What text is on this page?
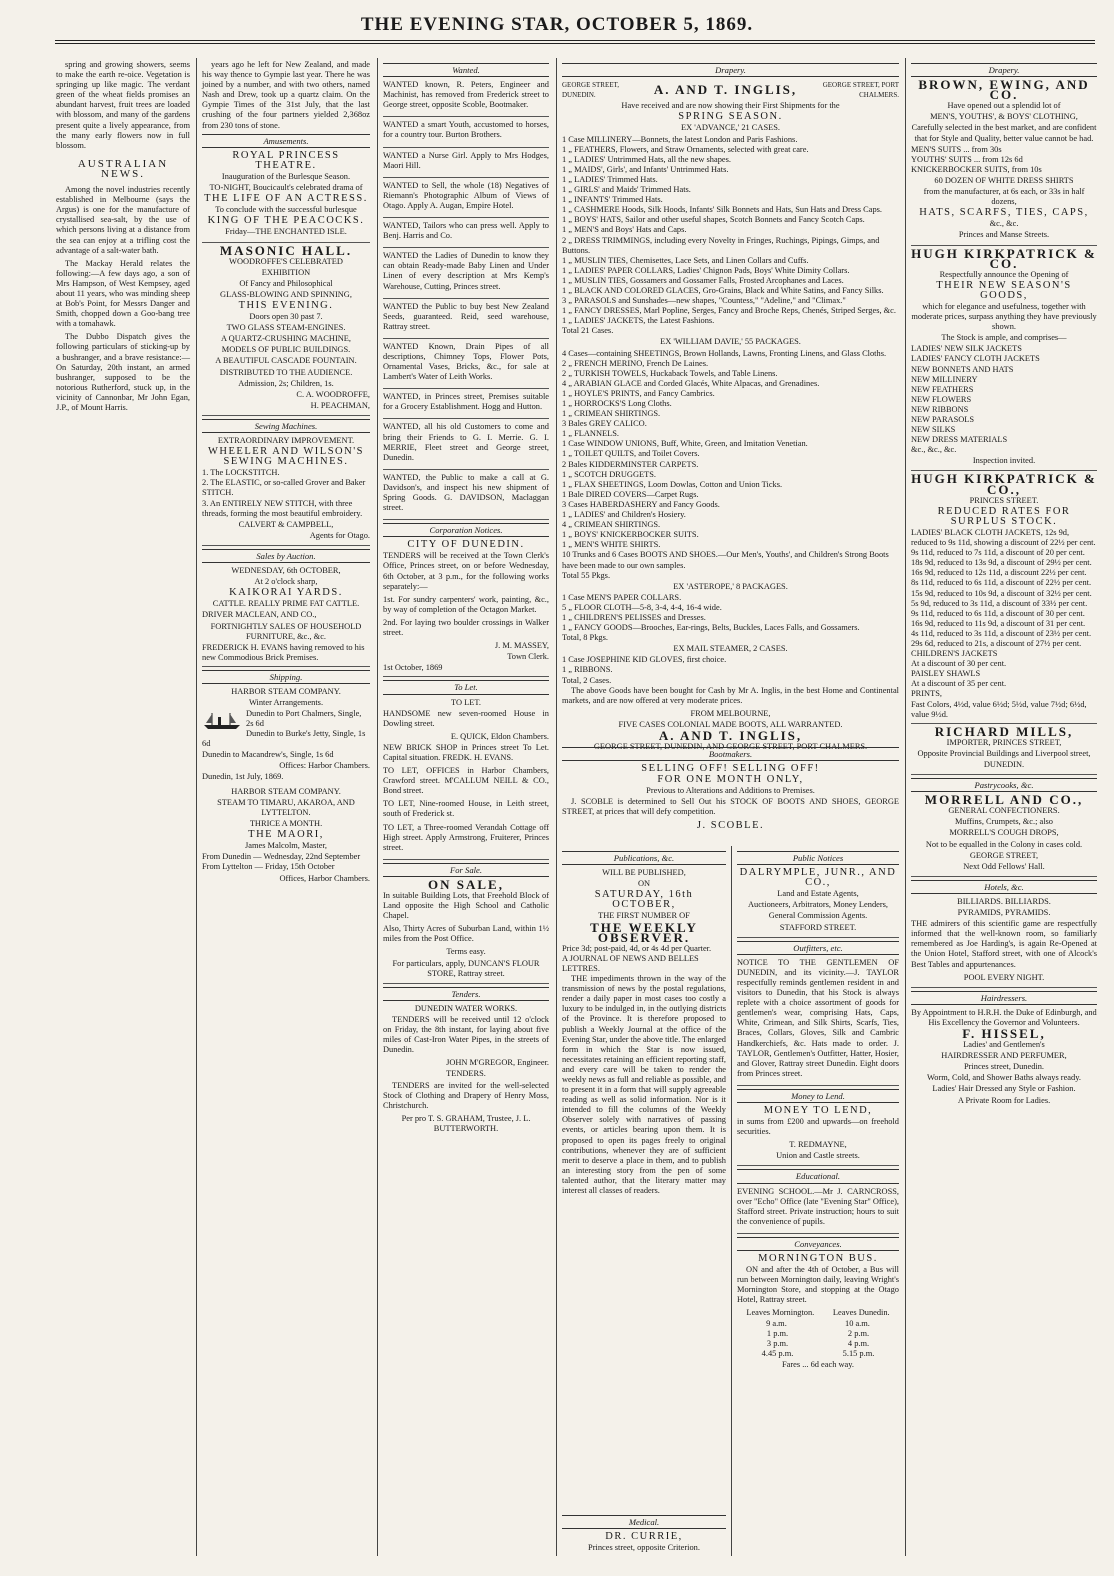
THE EVENING STAR, OCTOBER 5, 1869.

spring and growing showers, seems to make the earth re-oice. Vegetation is springing up like magic. The verdant green of the wheat fields promises an abundant harvest, fruit trees are loaded with blossom, and many of the gardens present quite a lively appearance, from the many early flowers now in full blossom.

AUSTRALIAN NEWS.

Among the novel industries recently established in Melbourne (says the Argus) is one for the manufacture of crystallised sea-salt, by the use of which persons living at a distance from the sea can enjoy at a trifling cost the advantage of a salt-water bath.

The Mackay Herald relates the following:—A few days ago, a son of Mrs Hampson, of West Kempsey, aged about 11 years, who was minding sheep at Bob's Point, for Messrs Danger and Smith, chopped down a Goo-bang tree with a tomahawk.

The Dubbo Dispatch gives the following particulars of sticking-up by a bushranger, and a brave resistance:— On Saturday, 20th instant, an armed bushranger, supposed to be the notorious Rutherford, stuck up, in the vicinity of Cannonbar, Mr John Egan, J.P., of Mount Harris.

years ago he left for New Zealand, and made his way thence to Gympie last year. There he was joined by a number, and with two others, named Nash and Drew, took up a quartz claim. On the Gympie Times of the 31st July, that the last crushing of the four partners yielded 2,368oz from 230 tons of stone.

Amusements.
ROYAL PRINCESS THEATRE.
Inauguration of the Burlesque Season.
TO-NIGHT, Boucicault's celebrated drama of
THE LIFE OF AN ACTRESS.
To conclude with the successful burlesque
KING OF THE PEACOCKS.
Friday—THE ENCHANTED ISLE.
MASONIC HALL.
WOODROFFE'S CELEBRATED
EXHIBITION
Of Fancy and Philosophical
GLASS-BLOWING AND SPINNING,
THIS EVENING.
Doors open 30 past 7.
TWO GLASS STEAM-ENGINES.
A QUARTZ-CRUSHING MACHINE,
MODELS OF PUBLIC BUILDINGS.
A BEAUTIFUL CASCADE FOUNTAIN.
DISTRIBUTED TO THE AUDIENCE.
Admission, 2s; Children, 1s.
C. A. WOODROFFE,
H. PEACHMAN,
Sewing Machines.
EXTRAORDINARY IMPROVEMENT.
WHEELER AND WILSON'S SEWING MACHINES.
1. The LOCKSTITCH.
2. The ELASTIC, or so-called Grover and Baker STITCH.
3. An ENTIRELY NEW STITCH, with three threads, forming the most beautiful embroidery.
CALVERT & CAMPBELL,
Agents for Otago.
Sales by Auction.
WEDNESDAY, 6th OCTOBER,
At 2 o'clock sharp,
KAIKORAI YARDS.
CATTLE. REALLY PRIME FAT CATTLE.
DRIVER MACLEAN, AND CO.,
FORTNIGHTLY SALES OF HOUSEHOLD FURNITURE, &c., &c.
FREDERICK H. EVANS having removed to his new Commodious Brick Premises.
Shipping.
HARBOR STEAM COMPANY.
Winter Arrangements.
Dunedin to Port Chalmers, Single, 2s 6d
Dunedin to Burke's Jetty, Single, 1s 6d
Dunedin to Macandrew's, Single, 1s 6d
Offices: Harbor Chambers.
Dunedin, 1st July, 1869.
HARBOR STEAM COMPANY.
STEAM TO TIMARU, AKAROA, AND LYTTELTON.
THRICE A MONTH.
THE MAORI,
James Malcolm, Master,
From Dunedin — Wednesday, 22nd September
From Lyttelton — Friday, 15th October
Offices, Harbor Chambers.
Wanted.

WANTED known, R. Peters, Engineer and Machinist, has removed from Frederick street to George street, opposite Scoble, Bootmaker.

WANTED a smart Youth, accustomed to horses, for a country tour. Burton Brothers.

WANTED a Nurse Girl. Apply to Mrs Hodges, Maori Hill.

WANTED to Sell, the whole (18) Negatives of Riemann's Photographic Album of Views of Otago. Apply A. Augan, Empire Hotel.

WANTED, Tailors who can press well. Apply to Benj. Harris and Co.

WANTED the Ladies of Dunedin to know they can obtain Ready-made Baby Linen and Under Linen of every description at Mrs Kemp's Warehouse, Cutting, Princes street.

WANTED the Public to buy best New Zealand Seeds, guaranteed. Reid, seed warehouse, Rattray street.

WANTED Known, Drain Pipes of all descriptions, Chimney Tops, Flower Pots, Ornamental Vases, Bricks, &c., for sale at Lambert's Water of Leith Works.

WANTED, in Princes street, Premises suitable for a Grocery Establishment. Hogg and Hutton.

WANTED, all his old Customers to come and bring their Friends to G. I. Merrie. G. I. MERRIE, Fleet street and George street, Dunedin.

WANTED, the Public to make a call at G. Davidson's, and inspect his new shipment of Spring Goods. G. DAVIDSON, Maclaggan street.

Corporation Notices.
CITY OF DUNEDIN.

TENDERS will be received at the Town Clerk's Office, Princes street, on or before Wednesday, 6th October, at 3 p.m., for the following works separately:—

1st. For sundry carpenters' work, painting, &c., by way of completion of the Octagon Market.

2nd. For laying two boulder crossings in Walker street.

J. M. MASSEY,
Town Clerk.
1st October, 1869
To Let.
TO LET.

HANDSOME new seven-roomed House in Dowling street.

E. QUICK, Eldon Chambers.

NEW BRICK SHOP in Princes street To Let. Capital situation. FREDK. H. EVANS.

TO LET, OFFICES in Harbor Chambers, Crawford street. M'CALLUM NEILL & CO., Bond street.

TO LET, Nine-roomed House, in Leith street, south of Frederick st.

TO LET, a Three-roomed Verandah Cottage off High street. Apply Armstrong, Fruiterer, Princes street.

For Sale.
ON SALE,

In suitable Building Lots, that Freehold Block of Land opposite the High School and Catholic Chapel.

Also, Thirty Acres of Suburban Land, within 1½ miles from the Post Office.

Terms easy.
For particulars, apply, DUNCAN'S FLOUR STORE, Rattray street.
Tenders.
DUNEDIN WATER WORKS.

TENDERS will be received until 12 o'clock on Friday, the 8th instant, for laying about five miles of Cast-Iron Water Pipes, in the streets of Dunedin.

JOHN M'GREGOR, Engineer.
TENDERS.

TENDERS are invited for the well-selected Stock of Clothing and Drapery of Henry Moss, Christchurch.

Per pro T. S. GRAHAM, Trustee, J. L. BUTTERWORTH.
Drapery.
GEORGE STREET, DUNEDIN.	A. AND T. INGLIS,	GEORGE STREET, PORT CHALMERS.
Have received and are now showing their First Shipments for the
SPRING SEASON.
EX 'ADVANCE,' 21 CASES.
1 Case MILLINERY—Bonnets, the latest London and Paris Fashions.
1 „ FEATHERS, Flowers, and Straw Ornaments, selected with great care.
1 „ LADIES' Untrimmed Hats, all the new shapes.
1 „ MAIDS', Girls', and Infants' Untrimmed Hats.
1 „ LADIES' Trimmed Hats.
1 „ GIRLS' and Maids' Trimmed Hats.
1 „ INFANTS' Trimmed Hats.
1 „ CASHMERE Hoods, Silk Hoods, Infants' Silk Bonnets and Hats, Sun Hats and Dress Caps.
1 „ BOYS' HATS, Sailor and other useful shapes, Scotch Bonnets and Fancy Scotch Caps.
1 „ MEN'S and Boys' Hats and Caps.
2 „ DRESS TRIMMINGS, including every Novelty in Fringes, Ruchings, Pipings, Gimps, and Buttons.
1 „ MUSLIN TIES, Chemisettes, Lace Sets, and Linen Collars and Cuffs.
1 „ LADIES' PAPER COLLARS, Ladies' Chignon Pads, Boys' White Dimity Collars.
1 „ MUSLIN TIES, Gossamers and Gossamer Falls, Frosted Arcophanes and Laces.
1 „ BLACK AND COLORED GLACES, Gro-Grains, Black and White Satins, and Fancy Silks.
3 „ PARASOLS and Sunshades—new shapes, "Countess," "Adeline," and "Climax."
1 „ FANCY DRESSES, Marl Popline, Serges, Fancy and Broche Reps, Chenés, Striped Serges, &c.
1 „ LADIES' JACKETS, the Latest Fashions.
Total 21 Cases.
EX 'WILLIAM DAVIE,' 55 PACKAGES.
4 Cases—containing SHEETINGS, Brown Hollands, Lawns, Fronting Linens, and Glass Cloths.
2 „ FRENCH MERINO, French De Laines.
2 „ TURKISH TOWELS, Huckaback Towels, and Table Linens.
4 „ ARABIAN GLACE and Corded Glacés, White Alpacas, and Grenadines.
1 „ HOYLE'S PRINTS, and Fancy Cambrics.
1 „ HORROCKS'S Long Cloths.
1 „ CRIMEAN SHIRTINGS.
3 Bales GREY CALICO.
1 „ FLANNELS.
1 Case WINDOW UNIONS, Buff, White, Green, and Imitation Venetian.
1 „ TOILET QUILTS, and Toilet Covers.
2 Bales KIDDERMINSTER CARPETS.
1 „ SCOTCH DRUGGETS.
1 „ FLAX SHEETINGS, Loom Dowlas, Cotton and Union Ticks.
1 Bale DIRED COVERS—Carpet Rugs.
3 Cases HABERDASHERY and Fancy Goods.
1 „ LADIES' and Children's Hosiery.
4 „ CRIMEAN SHIRTINGS.
1 „ BOYS' KNICKERBOCKER SUITS.
1 „ MEN'S WHITE SHIRTS.
10 Trunks and 6 Cases BOOTS AND SHOES.—Our Men's, Youths', and Children's Strong Boots have been made to our own samples.
Total 55 Pkgs.
EX 'ASTEROPE,' 8 PACKAGES.
1 Case MEN'S PAPER COLLARS.
5 „ FLOOR CLOTH—5-8, 3-4, 4-4, 16-4 wide.
1 „ CHILDREN'S PELISSES and Dresses.
1 „ FANCY GOODS—Brooches, Ear-rings, Belts, Buckles, Laces Falls, and Gossamers.
Total, 8 Pkgs.
EX MAIL STEAMER, 2 CASES.
1 Case JOSEPHINE KID GLOVES, first choice.
1 „ RIBBONS.
Total, 2 Cases.

The above Goods have been bought for Cash by Mr A. Inglis, in the best Home and Continental markets, and are now offered at very moderate prices.

FROM MELBOURNE,
FIVE CASES COLONIAL MADE BOOTS, ALL WARRANTED.
A. AND T. INGLIS,
GEORGE STREET, DUNEDIN, AND GEORGE STREET, PORT CHALMERS.
Bootmakers.
SELLING OFF! SELLING OFF!
FOR ONE MONTH ONLY,
Previous to Alterations and Additions to Premises.

J. SCOBLE is determined to Sell Out his STOCK OF BOOTS AND SHOES, GEORGE STREET, at prices that will defy competition.

J. SCOBLE.
Publications, &c.
WILL BE PUBLISHED,
ON
SATURDAY, 16th OCTOBER,
THE FIRST NUMBER OF
THE WEEKLY OBSERVER.
Price 3d; post-paid, 4d, or 4s 4d per Quarter.
A JOURNAL OF NEWS AND BELLES LETTRES.

THE impediments thrown in the way of the transmission of news by the postal regulations, render a daily paper in most cases too costly a luxury to be indulged in, in the outlying districts of the Province. It is therefore proposed to publish a Weekly Journal at the office of the Evening Star, under the above title. The enlarged form in which the Star is now issued, necessitates retaining an efficient reporting staff, and every care will be taken to render the weekly news as full and reliable as possible, and to present it in a form that will supply agreeable reading as well as solid information. Nor is it intended to fill the columns of the Weekly Observer solely with narratives of passing events, or articles bearing upon them. It is proposed to open its pages freely to original contributions, whenever they are of sufficient merit to deserve a place in them, and to publish an interesting story from the pen of some talented author, that the literary matter may interest all classes of readers.

Medical.
DR. CURRIE,
Princes street, opposite Criterion.
Public Notices
DALRYMPLE, JUNR., AND CO.,
Land and Estate Agents,
Auctioneers, Arbitrators, Money Lenders,
General Commission Agents.
STAFFORD STREET.
Outfitters, etc.

NOTICE TO THE GENTLEMEN OF DUNEDIN, and its vicinity.—J. TAYLOR respectfully reminds gentlemen resident in and visitors to Dunedin, that his Stock is always replete with a choice assortment of goods for gentlemen's wear, comprising Hats, Caps, White, Crimean, and Silk Shirts, Scarfs, Ties, Braces, Collars, Gloves, Silk and Cambric Handkerchiefs, &c. Hats made to order. J. TAYLOR, Gentlemen's Outfitter, Hatter, Hosier, and Glover, Rattray street Dunedin. Eight doors from Princes street.

Money to Lend.
MONEY TO LEND,

in sums from £200 and upwards—on freehold securities.

T. REDMAYNE,
Union and Castle streets.
Educational.

EVENING SCHOOL.—Mr J. CARNCROSS, over "Echo" Office (late "Evening Star" Office), Stafford street. Private instruction; hours to suit the convenience of pupils.

Conveyances.
MORNINGTON BUS.

ON and after the 4th of October, a Bus will run between Mornington daily, leaving Wright's Mornington Store, and stopping at the Otago Hotel, Rattray street.

Leaves Mornington. Leaves Dunedin.
9 a.m.	10 a.m.
1 p.m.	2 p.m.
3 p.m.	4 p.m.
4.45 p.m.	5.15 p.m.
Fares ... 6d each way.
Drapery.
BROWN, EWING, AND CO.
Have opened out a splendid lot of
MEN'S, YOUTHS', & BOYS' CLOTHING,
Carefully selected in the best market, and are confident that for Style and Quality, better value cannot be had.
MEN'S SUITS ... from 30s
YOUTHS' SUITS ... from 12s 6d
KNICKERBOCKER SUITS, from 10s
60 DOZEN OF WHITE DRESS SHIRTS
from the manufacturer, at 6s each, or 33s in half dozens,
HATS, SCARFS, TIES, CAPS,
&c., &c.
Princes and Manse Streets.
HUGH KIRKPATRICK & CO.
Respectfully announce the Opening of
THEIR NEW SEASON'S GOODS,
which for elegance and usefulness, together with moderate prices, surpass anything they have previously shown.
The Stock is ample, and comprises—
LADIES' NEW SILK JACKETS
LADIES' FANCY CLOTH JACKETS
NEW BONNETS AND HATS
NEW MILLINERY
NEW FEATHERS
NEW FLOWERS
NEW RIBBONS
NEW PARASOLS
NEW SILKS
NEW DRESS MATERIALS
&c., &c., &c.
Inspection invited.
HUGH KIRKPATRICK & CO.,
PRINCES STREET.
REDUCED RATES FOR SURPLUS STOCK.
LADIES' BLACK CLOTH JACKETS, 12s 9d, reduced to 9s 11d, showing a discount of 22½ per cent.
9s 11d, reduced to 7s 11d, a discount of 20 per cent.
18s 9d, reduced to 13s 9d, a discount of 29½ per cent.
16s 9d, reduced to 12s 11d, a discount 22½ per cent.
8s 11d, reduced to 6s 11d, a discount of 22½ per cent.
15s 9d, reduced to 10s 9d, a discount of 32½ per cent.
5s 9d, reduced to 3s 11d, a discount of 33½ per cent.
9s 11d, reduced to 6s 11d, a discount of 30 per cent.
16s 9d, reduced to 11s 9d, a discount of 31 per cent.
4s 11d, reduced to 3s 11d, a discount of 23½ per cent.
29s 6d, reduced to 21s, a discount of 27½ per cent.
CHILDREN'S JACKETS
At a discount of 30 per cent.
PAISLEY SHAWLS
At a discount of 35 per cent.
PRINTS,
Fast Colors, 4½d, value 6½d; 5½d, value 7½d; 6½d, value 9½d.
RICHARD MILLS,
IMPORTER, PRINCES STREET,
Opposite Provincial Buildings and Liverpool street,
DUNEDIN.
Pastrycooks, &c.
MORRELL AND CO.,
GENERAL CONFECTIONERS.
Muffins, Crumpets, &c.; also
MORRELL'S COUGH DROPS,
Not to be equalled in the Colony in cases cold.
GEORGE STREET,
Next Odd Fellows' Hall.
Hotels, &c.
BILLIARDS. BILLIARDS.
PYRAMIDS, PYRAMIDS.

THE admirers of this scientific game are respectfully informed that the well-known room, so familiarly remembered as Joe Harding's, is again Re-Opened at the Union Hotel, Stafford street, with one of Alcock's Best Tables and appurtenances.

POOL EVERY NIGHT.
Hairdressers.
By Appointment to H.R.H. the Duke of Edinburgh, and His Excellency the Governor and Volunteers.
F. HISSEL,
Ladies' and Gentlemen's
HAIRDRESSER AND PERFUMER,
Princes street, Dunedin.
Worm, Cold, and Shower Baths always ready.
Ladies' Hair Dressed any Style or Fashion.
A Private Room for Ladies.
